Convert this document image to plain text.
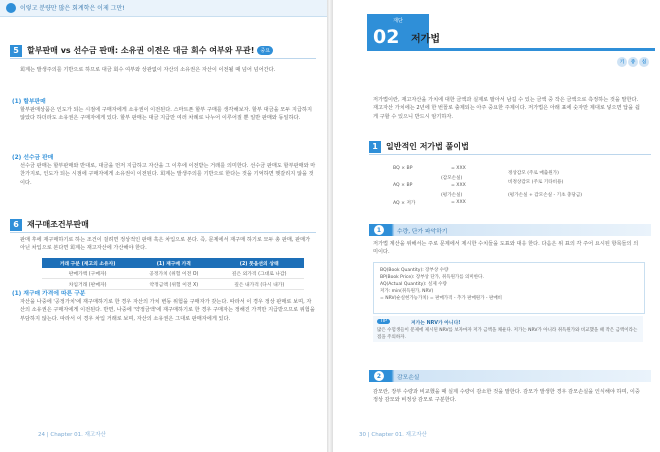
이렇고 분량만 많은 회계학은 이제 그만!
5	할부판매 vs 선수금 판매: 소유권 이전은 대금 회수 여부와 무관!	중요
회계는 발생주의를 기반으로 하므로 대금 회수 여부와 상관없이 자산의 소유권은 자산이 이전될 때 넘어 넘어간다.
(1) 할부판매
할부판매상품은 인도가 되는 시점에 구매자에게 소유권이 이전된다. 스마트폰 할부 구매를 생각해보자. 할부 대금을 모두 지급하지 않았다 하더라도 소유권은 구매자에게 있다. 할부 판매는 대금 지급만 여러 차례로 나누어 이루어질 뿐 일반 판매와 동일하다.
(2) 선수금 판매
선수금 판매는 할부판매와 반대로, 대금을 먼저 지급하고 자산을 그 이후에 이전받는 거래를 의미한다. 선수금 판매도 할부판매와 마찬가지로, 인도가 되는 시점에 구매자에게 소유권이 이전된다. 회계는 발생주의를 기반으로 한다는 것을 기억하면 헷갈리지 않을 것이다.
6	재구매조건부판매
판매 후에 재구매하기로 하는 조건이 걸려면 정상적인 판매 혹은 차입으로 본다. 즉, 문제에서 재구매 하기로 모두 총 판매, 판매가 아닌 차입으로 본다면 회계는 재고자산에 가산해야 한다.
거래 구분 (재고의 소유자)	(1) 재구매 가격	(2) 풋옵션의 상태
판매가액 (구매자)	공정가치 (위험 이전 O)	깊은 외가격 (그대로 나감)
차입거래 (판매자)	약정금액 (위험 이전 X)	깊은 내가격 (다시 내가)
(1) 재구매 가격에 따른 구분
자산을 나중에 '공정가치'에 재구매하기로 한 경우 자산의 가치 변동 위험을 구매자가 갖는다. 따라서 이 경우 정상 판매로 보며, 자산의 소유권은 구매자에게 이전된다. 반면, 나중에 '약정금액'에 재구매하기로 한 경우 구매자는 정해진 가격만 지급받으므로 위험을 부담하지 않는다. 따라서 이 경우 차입 거래로 보며, 자산의 소유권은 그대로 판매자에게 있다.
24 | Chapter 01. 재고자산
재단
02 저가법
기	중	심
저가법이란, 재고자산을 가치에 대한 금액과 실제로 팔아서 남길 수 있는 금액 중 작은 금액으로 측정하는 것을 말한다. 재고자산 가치에는 2년에 한 번꼴로 출제되는 아주 중요한 주제이다. 저가법은 아래 표에 숫자만 제대로 넣으면 답을 쉽게 구할 수 있으니 반드시 암기하자.
1	일반적인 저가법 풀이법
BQ × BP	= XXX
(감모손실)
AQ × BP	= XXX
(평가손실)
AQ × 저가	= XXX
정상감모 (주로 매출원가)
비정상감모 (주로 기타비용)
(평가손실 + 감모손실 - 기초 충당금)
1	수량, 단가 파악하기
저가법 계산을 위해서는 주로 문제에서 제시한 수치들을 도표와 대응 한다. 다음은 위 표의 각 주어 요시된 항목들의 의미이다.
BQ(Book Quantity): 장부상 수량
BP(Book Price): 장부상 단가, 취득원가를 의미한다.
AQ(Actual Quantity): 실제 수량
저가: min(취득원가, NRV)
= NRV(순실현가능가치) = 판매가격 - 추가 판매원가 - 판매비
TIP	저가는 NRV가 아니다!
많은 수험생들이 문제에 제시된 NRV를 보자마자 저가 금액을 채운다. 저가는 NRV가 아니라 취득원가와 비교했을 때 작은 금액이라는 점을 주의하자.
2	감모손실
감모란, 장부 수량과 비교했을 때 실제 수량이 감소한 것을 말한다. 감모가 발생한 경우 감모손실을 인식해야 하며, 이중 정상 감모와 비정상 감모로 구분한다.
30 | Chapter 01. 재고자산
